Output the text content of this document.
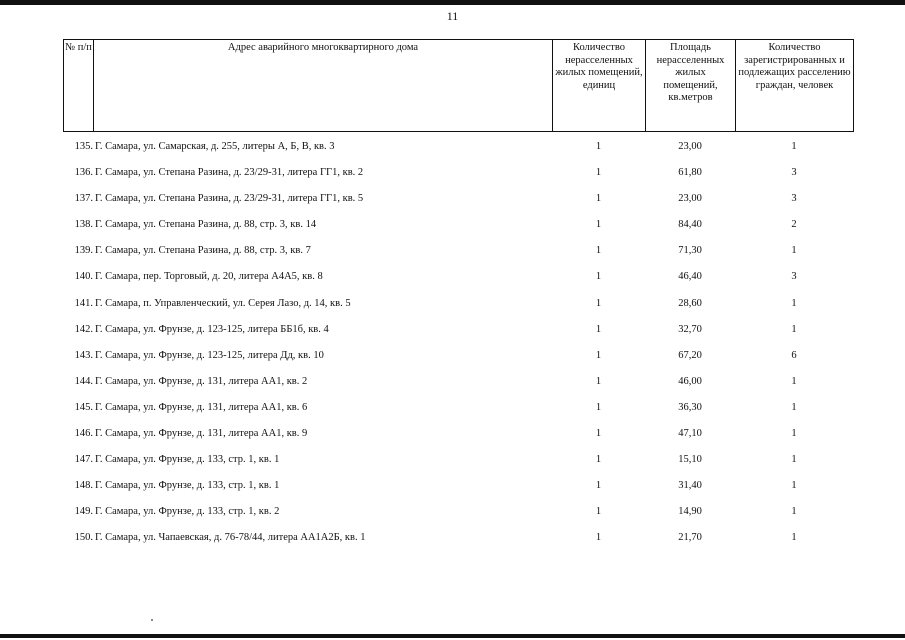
11
№ п/п	Адрес аварийного многоквартирного дома	Количество нерасселенных жилых помещений, единиц	Площадь нерасселенных жилых помещений, кв.метров	Количество зарегистрированных и подлежащих расселению граждан, человек
135. Г. Самара, ул. Самарская, д. 255, литеры А, Б, В, кв. 3	1	23,00	1
136. Г. Самара, ул. Степана Разина, д. 23/29-31, литера ГГ1, кв. 2	1	61,80	3
137. Г. Самара, ул. Степана Разина, д. 23/29-31, литера ГГ1, кв. 5	1	23,00	3
138. Г. Самара, ул. Степана Разина, д. 88, стр. 3, кв. 14	1	84,40	2
139. Г. Самара, ул. Степана Разина, д. 88, стр. 3, кв. 7	1	71,30	1
140. Г. Самара, пер. Торговый, д. 20, литера А4А5, кв. 8	1	46,40	3
141. Г. Самара, п. Управленческий, ул. Серея Лазо, д. 14, кв. 5	1	28,60	1
142. Г. Самара, ул. Фрунзе, д. 123-125, литера ББ1б, кв. 4	1	32,70	1
143. Г. Самара, ул. Фрунзе, д. 123-125, литера Дд, кв. 10	1	67,20	6
144. Г. Самара, ул. Фрунзе, д. 131, литера АА1, кв. 2	1	46,00	1
145. Г. Самара, ул. Фрунзе, д. 131, литера АА1, кв. 6	1	36,30	1
146. Г. Самара, ул. Фрунзе, д. 131, литера АА1, кв. 9	1	47,10	1
147. Г. Самара, ул. Фрунзе, д. 133, стр. 1, кв. 1	1	15,10	1
148. Г. Самара, ул. Фрунзе, д. 133, стр. 1, кв. 1	1	31,40	1
149. Г. Самара, ул. Фрунзе, д. 133, стр. 1, кв. 2	1	14,90	1
150. Г. Самара, ул. Чапаевская, д. 76-78/44, литера АА1А2Б, кв. 1	1	21,70	1
